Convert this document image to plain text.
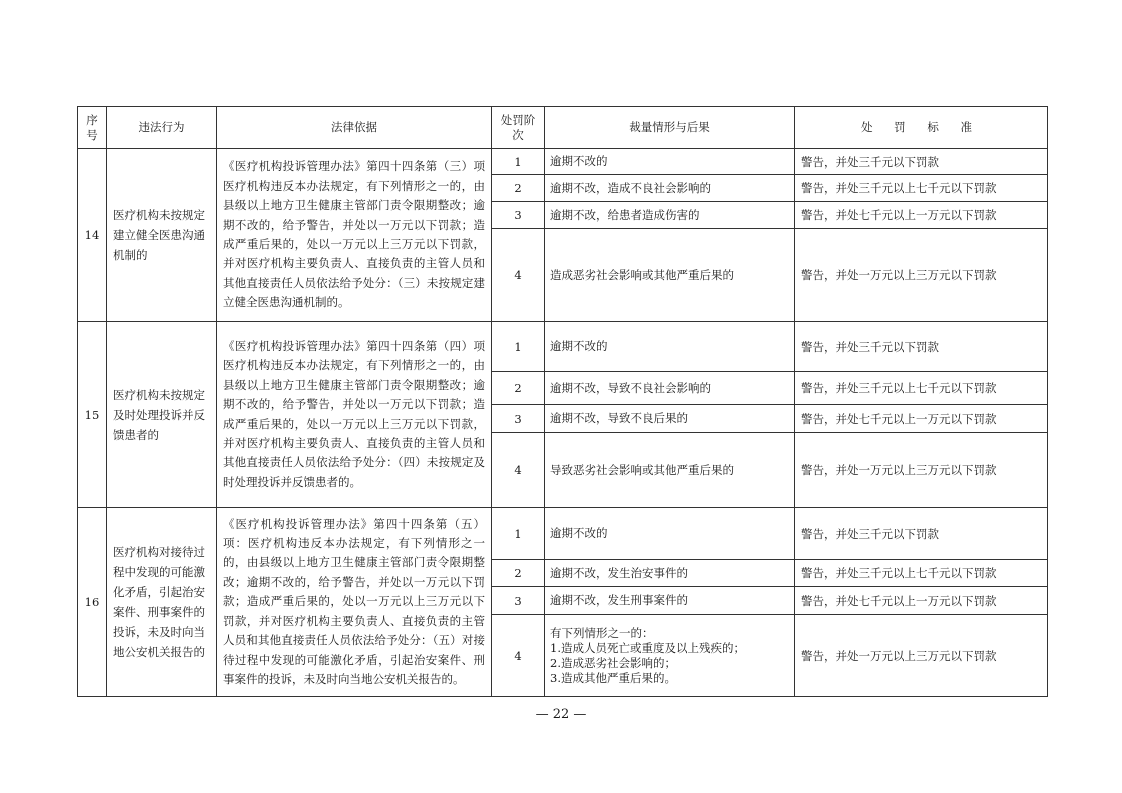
序号	违法行为	法律依据	处罚阶次	裁量情形与后果	处 罚 标 准
14	医疗机构未按规定建立健全医患沟通机制的	《医疗机构投诉管理办法》第四十四条第（三）项 医疗机构违反本办法规定，有下列情形之一的，由县级以上地方卫生健康主管部门责令限期整改；逾期不改的，给予警告，并处以一万元以下罚款；造成严重后果的，处以一万元以上三万元以下罚款，并对医疗机构主要负责人、直接负责的主管人员和其他直接责任人员依法给予处分：（三）未按规定建立健全医患沟通机制的。	1	逾期不改的	警告，并处三千元以下罚款
			2	逾期不改，造成不良社会影响的	警告，并处三千元以上七千元以下罚款
			3	逾期不改，给患者造成伤害的	警告，并处七千元以上一万元以下罚款
			4	造成恶劣社会影响或其他严重后果的	警告，并处一万元以上三万元以下罚款
15	医疗机构未按规定及时处理投诉并反馈患者的	《医疗机构投诉管理办法》第四十四条第（四）项 医疗机构违反本办法规定，有下列情形之一的，由县级以上地方卫生健康主管部门责令限期整改；逾期不改的，给予警告，并处以一万元以下罚款；造成严重后果的，处以一万元以上三万元以下罚款，并对医疗机构主要负责人、直接负责的主管人员和其他直接责任人员依法给予处分：（四）未按规定及时处理投诉并反馈患者的。	1	逾期不改的	警告，并处三千元以下罚款
			2	逾期不改，导致不良社会影响的	警告，并处三千元以上七千元以下罚款
			3	逾期不改，导致不良后果的	警告，并处七千元以上一万元以下罚款
			4	导致恶劣社会影响或其他严重后果的	警告，并处一万元以上三万元以下罚款
16	医疗机构对接待过程中发现的可能激化矛盾，引起治安案件、刑事案件的投诉，未及时向当地公安机关报告的	《医疗机构投诉管理办法》第四十四条第（五）项：医疗机构违反本办法规定，有下列情形之一的，由县级以上地方卫生健康主管部门责令限期整改；逾期不改的，给予警告，并处以一万元以下罚款；造成严重后果的，处以一万元以上三万元以下罚款，并对医疗机构主要负责人、直接负责的主管人员和其他直接责任人员依法给予处分：（五）对接待过程中发现的可能激化矛盾，引起治安案件、刑事案件的投诉，未及时向当地公安机关报告的。	1	逾期不改的	警告，并处三千元以下罚款
			2	逾期不改，发生治安事件的	警告，并处三千元以上七千元以下罚款
			3	逾期不改，发生刑事案件的	警告，并处七千元以上一万元以下罚款
			4	有下列情形之一的：
1.造成人员死亡或重度及以上残疾的；
2.造成恶劣社会影响的；
3.造成其他严重后果的。	警告，并处一万元以上三万元以下罚款
— 22 —
